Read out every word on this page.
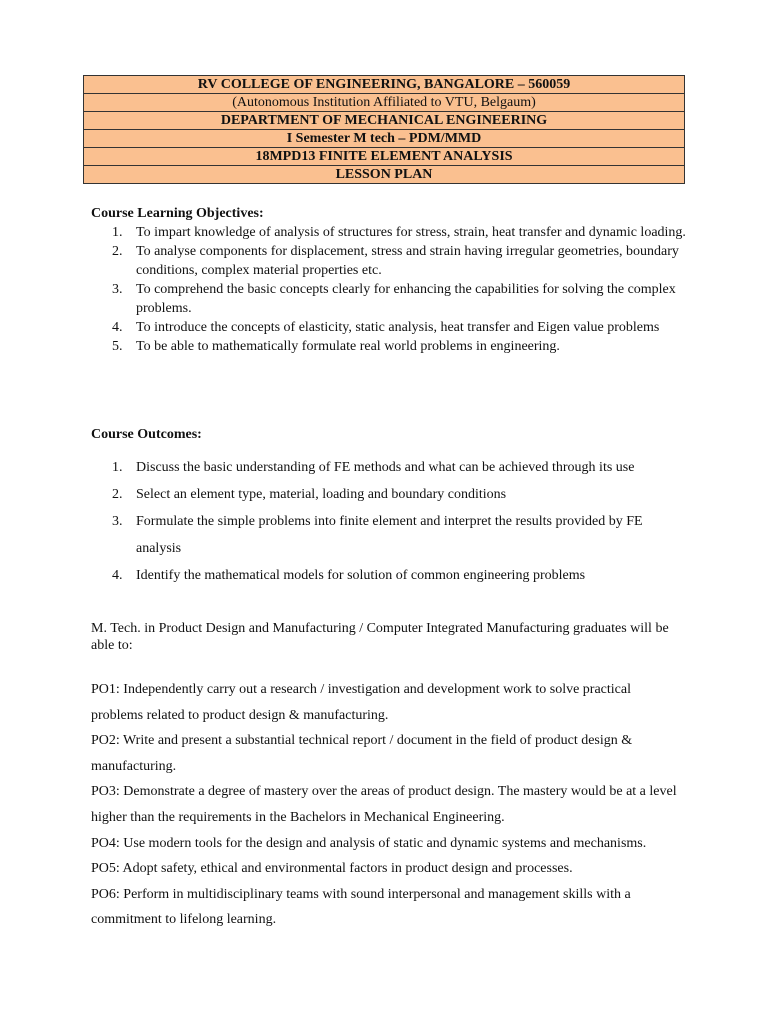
RV COLLEGE OF ENGINEERING, BANGALORE – 560059
(Autonomous Institution Affiliated to VTU, Belgaum)
DEPARTMENT OF MECHANICAL ENGINEERING
I Semester M tech – PDM/MMD
18MPD13 FINITE ELEMENT ANALYSIS
LESSON PLAN
Course Learning Objectives:
1. To impart knowledge of analysis of structures for stress, strain, heat transfer and dynamic loading.
2. To analyse components for displacement, stress and strain having irregular geometries, boundary conditions, complex material properties etc.
3. To comprehend the basic concepts clearly for enhancing the capabilities for solving the complex problems.
4. To introduce the concepts of elasticity, static analysis, heat transfer and Eigen value problems
5. To be able to mathematically formulate real world problems in engineering.
Course Outcomes:
1. Discuss the basic understanding of FE methods and what can be achieved through its use
2. Select an element type, material, loading and boundary conditions
3. Formulate the simple problems into finite element and interpret the results provided by FE analysis
4. Identify the mathematical models for solution of common engineering problems

M. Tech. in Product Design and Manufacturing / Computer Integrated Manufacturing graduates will be able to:

PO1: Independently carry out a research / investigation and development work to solve practical problems related to product design & manufacturing.
PO2: Write and present a substantial technical report / document in the field of product design & manufacturing.
PO3: Demonstrate a degree of mastery over the areas of product design. The mastery would be at a level higher than the requirements in the Bachelors in Mechanical Engineering.
PO4: Use modern tools for the design and analysis of static and dynamic systems and mechanisms.
PO5: Adopt safety, ethical and environmental factors in product design and processes.
PO6: Perform in multidisciplinary teams with sound interpersonal and management skills with a commitment to lifelong learning.
